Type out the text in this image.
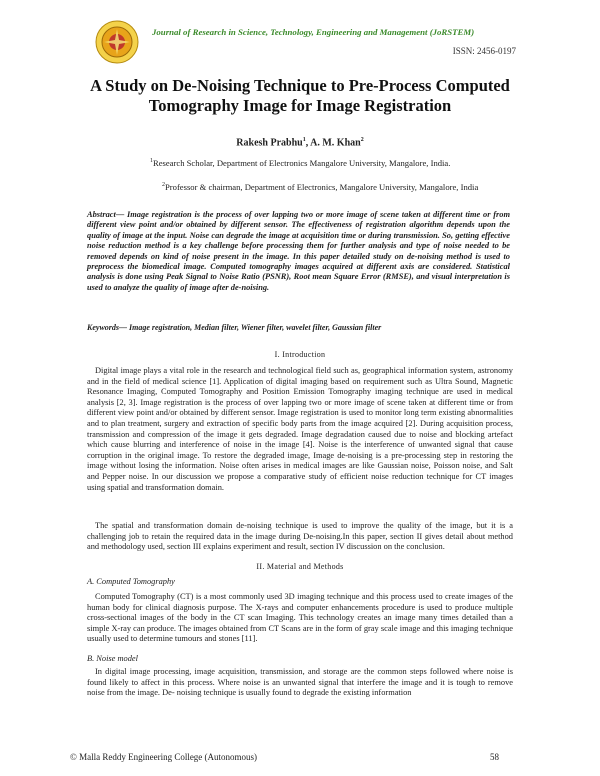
Journal of Research in Science, Technology, Engineering and Management (JoRSTEM)
ISSN: 2456-0197
A Study on De-Noising Technique to Pre-Process Computed Tomography Image for Image Registration
Rakesh Prabhu$^1$, A. M. Khan$^2$
$^1$Research Scholar, Department of Electronics Mangalore University, Mangalore, India.
$^2$Professor & chairman, Department of Electronics, Mangalore University, Mangalore, India
Abstract— Image registration is the process of over lapping two or more image of scene taken at different time or from different view point and/or obtained by different sensor. The effectiveness of registration algorithm depends upon the quality of image at the input. Noise can degrade the image at acquisition time or during transmission. So, getting effective noise reduction method is a key challenge before processing them for further analysis and type of noise needed to be removed depends on kind of noise present in the image. In this paper detailed study on de-noising method is used to preprocess the biomedical image. Computed tomography images acquired at different axis are considered. Statistical analysis is done using Peak Signal to Noise Ratio (PSNR), Root mean Square Error (RMSE), and visual interpretation is used to analyze the quality of image after de-noising.
Keywords— Image registration, Median filter, Wiener filter, wavelet filter, Gaussian filter
I. Introduction
Digital image plays a vital role in the research and technological field such as, geographical information system, astronomy and in the field of medical science [1]. Application of digital imaging based on requirement such as Ultra Sound, Magnetic Resonance Imaging, Computed Tomography and Position Emission Tomography imaging technique are used in medical analysis [2, 3]. Image registration is the process of over lapping two or more image of scene taken at different time or from different view point and/or obtained by different sensor. Image registration is used to monitor long term existing abnormalities and to plan treatment, surgery and extraction of specific body parts from the image acquired [2]. During acquisition process, transmission and compression of the image it gets degraded. Image degradation caused due to noise and blocking artefact which cause blurring and interference of noise in the image [4]. Noise is the interference of unwanted signal that cause corruption in the original image. To restore the degraded image, Image de-noising is a pre-processing step in restoring the image without losing the information. Noise often arises in medical images are like Gaussian noise, Poisson noise, and Salt and Pepper noise. In our discussion we propose a comparative study of efficient noise reduction technique for CT images using spatial and transformation domain.
The spatial and transformation domain de-noising technique is used to improve the quality of the image, but it is a challenging job to retain the required data in the image during De-noising.In this paper, section II gives detail about method and methodology used, section III explains experiment and result, section IV discussion on the conclusion.
II. Material and Methods
A. Computed Tomography
Computed Tomography (CT) is a most commonly used 3D imaging technique and this process used to create images of the human body for clinical diagnosis purpose. The X-rays and computer enhancements procedure is used to produce multiple cross-sectional images of the body in the CT scan Imaging. This technology creates an image many times detailed than a simple X-ray can produce. The images obtained from CT Scans are in the form of gray scale image and this imaging technique usually used to determine tumours and stones [11].
B. Noise model
In digital image processing, image acquisition, transmission, and storage are the common steps followed where noise is found likely to affect in this process. Where noise is an unwanted signal that interfere the image and it is tough to remove noise from the image. De- noising technique is usually found to degrade the existing information
© Malla Reddy Engineering College (Autonomous)	58
